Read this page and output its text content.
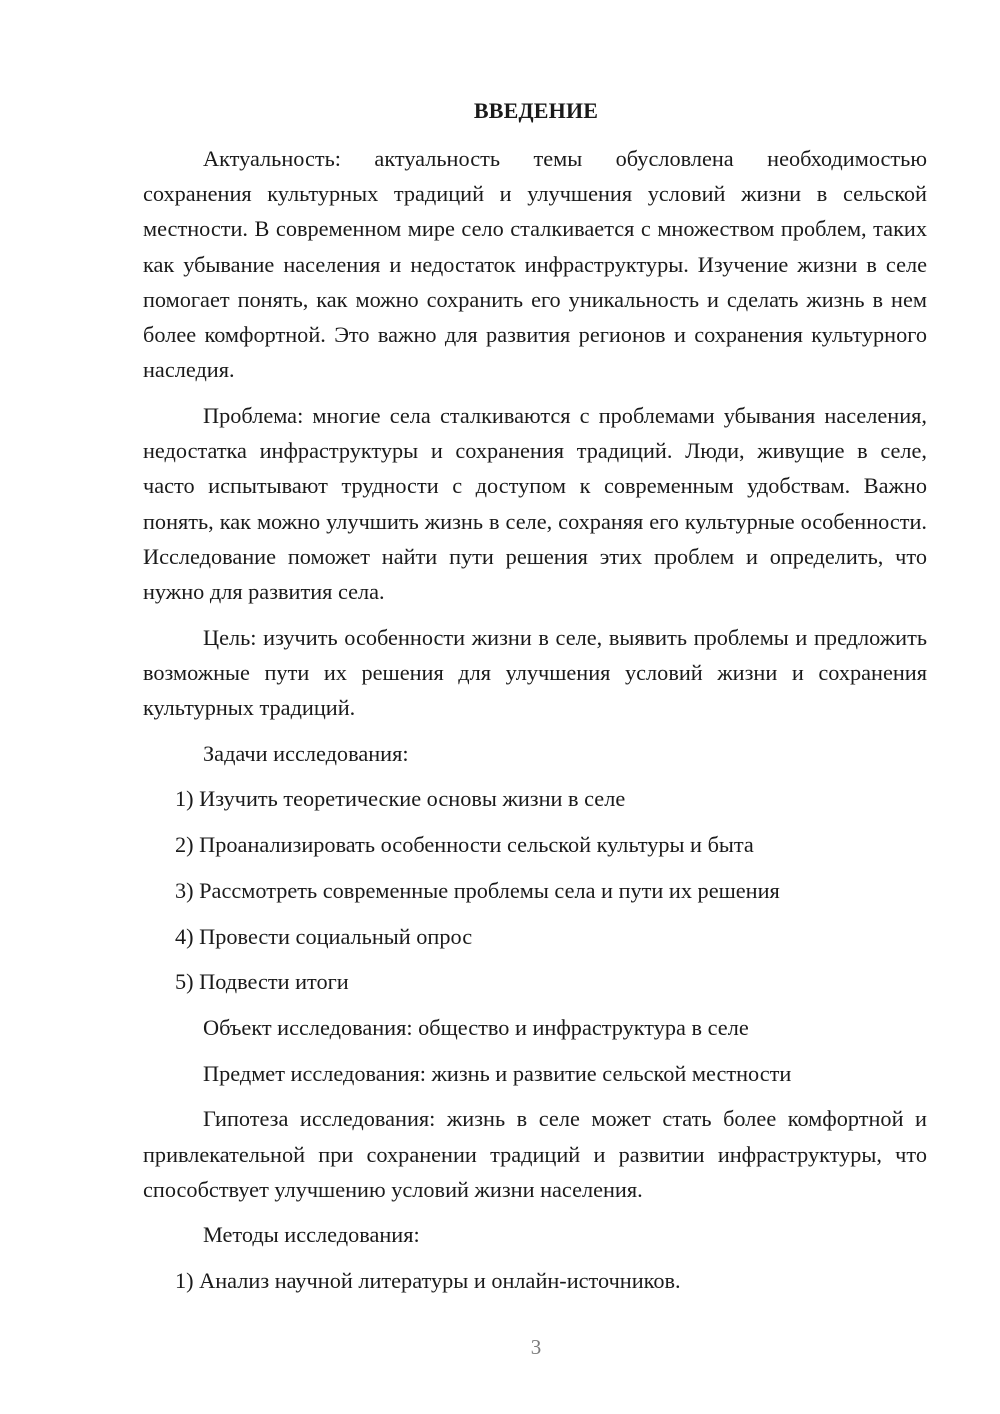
ВВЕДЕНИЕ

Актуальность: актуальность темы обусловлена необходимостью сохранения культурных традиций и улучшения условий жизни в сельской местности. В современном мире село сталкивается с множеством проблем, таких как убывание населения и недостаток инфраструктуры. Изучение жизни в селе помогает понять, как можно сохранить его уникальность и сделать жизнь в нем более комфортной. Это важно для развития регионов и сохранения культурного наследия.

Проблема: многие села сталкиваются с проблемами убывания населения, недостатка инфраструктуры и сохранения традиций. Люди, живущие в селе, часто испытывают трудности с доступом к современным удобствам. Важно понять, как можно улучшить жизнь в селе, сохраняя его культурные особенности. Исследование поможет найти пути решения этих проблем и определить, что нужно для развития села.

Цель: изучить особенности жизни в селе, выявить проблемы и предложить возможные пути их решения для улучшения условий жизни и сохранения культурных традиций.

Задачи исследования:
1) Изучить теоретические основы жизни в селе
2) Проанализировать особенности сельской культуры и быта
3) Рассмотреть современные проблемы села и пути их решения
4) Провести социальный опрос
5) Подвести итоги
Объект исследования: общество и инфраструктура в селе
Предмет исследования: жизнь и развитие сельской местности

Гипотеза исследования: жизнь в селе может стать более комфортной и привлекательной при сохранении традиций и развитии инфраструктуры, что способствует улучшению условий жизни населения.

Методы исследования:
1) Анализ научной литературы и онлайн-источников.
3
